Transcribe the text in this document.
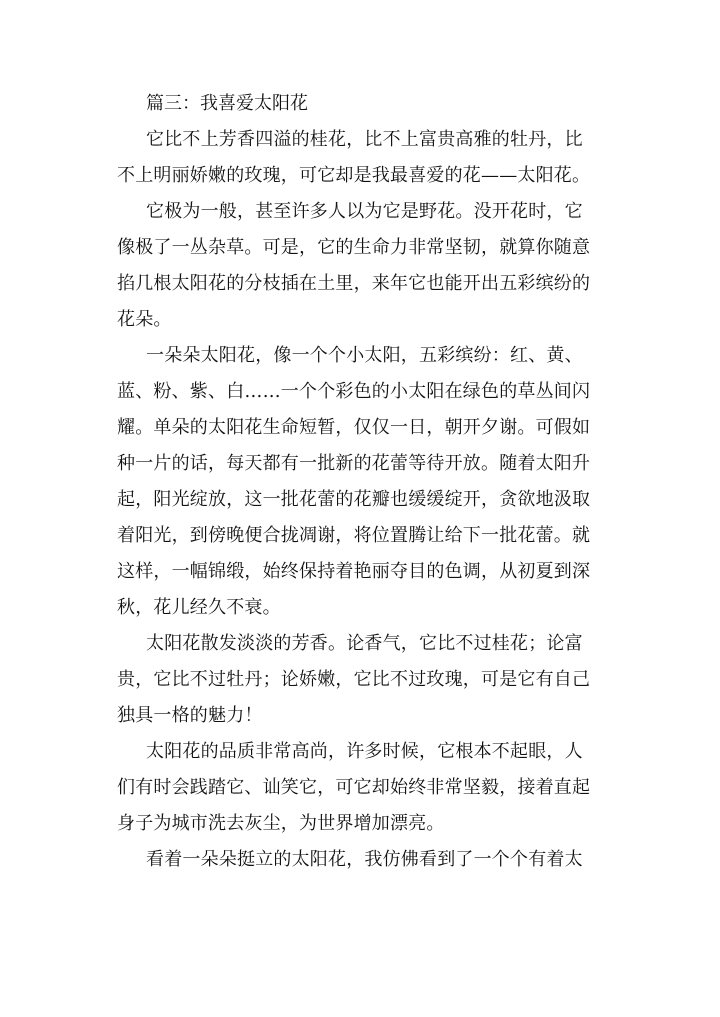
篇三：我喜爱太阳花

它比不上芳香四溢的桂花，比不上富贵高雅的牡丹，比
不上明丽娇嫩的玫瑰，可它却是我最喜爱的花——太阳花。

它极为一般，甚至许多人以为它是野花。没开花时，它
像极了一丛杂草。可是，它的生命力非常坚韧，就算你随意
掐几根太阳花的分枝插在土里，来年它也能开出五彩缤纷的
花朵。

一朵朵太阳花，像一个个小太阳，五彩缤纷：红、黄、
蓝、粉、紫、白……一个个彩色的小太阳在绿色的草丛间闪
耀。单朵的太阳花生命短暂，仅仅一日，朝开夕谢。可假如
种一片的话，每天都有一批新的花蕾等待开放。随着太阳升
起，阳光绽放，这一批花蕾的花瓣也缓缓绽开，贪欲地汲取
着阳光，到傍晚便合拢凋谢，将位置腾让给下一批花蕾。就
这样，一幅锦缎，始终保持着艳丽夺目的色调，从初夏到深
秋，花儿经久不衰。

太阳花散发淡淡的芳香。论香气，它比不过桂花；论富
贵，它比不过牡丹；论娇嫩，它比不过玫瑰，可是它有自己
独具一格的魅力！

太阳花的品质非常高尚，许多时候，它根本不起眼，人
们有时会践踏它、讪笑它，可它却始终非常坚毅，接着直起
身子为城市洗去灰尘，为世界增加漂亮。

看着一朵朵挺立的太阳花，我仿佛看到了一个个有着太
